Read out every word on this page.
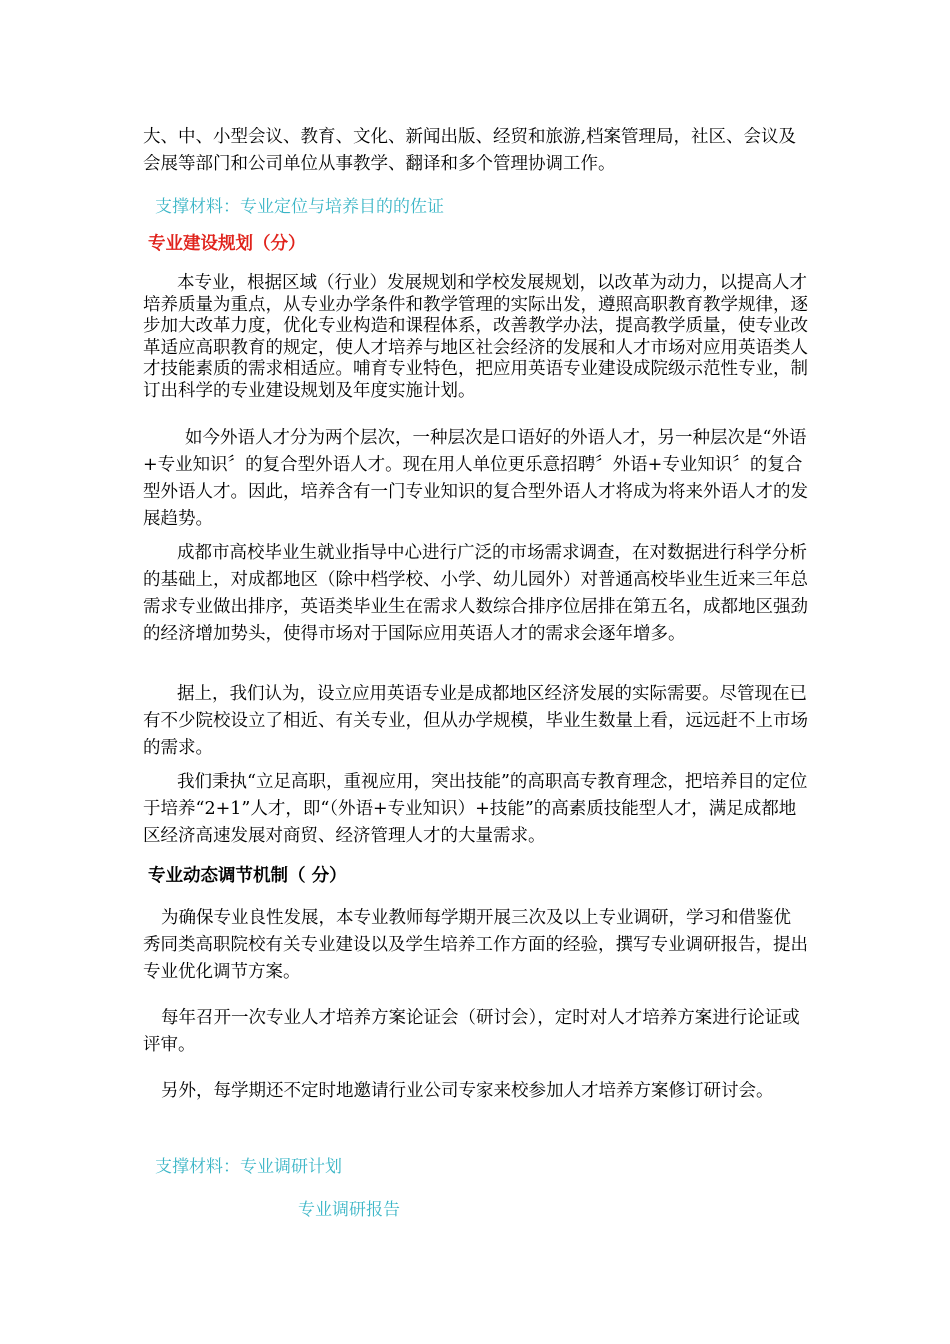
大、中、小型会议、教育、文化、新闻出版、经贸和旅游,档案管理局，社区、会议及会展等部门和公司单位从事教学、翻译和多个管理协调工作。

支撑材料：专业定位与培养目的的佐证

专业建设规划（分）

本专业，根据区域（行业）发展规划和学校发展规划，以改革为动力，以提高人才培养质量为重点，从专业办学条件和教学管理的实际出发，遵照高职教育教学规律，逐步加大改革力度，优化专业构造和课程体系，改善教学办法，提高教学质量，使专业改革适应高职教育的规定，使人才培养与地区社会经济的发展和人才市场对应用英语类人才技能素质的需求相适应。哺育专业特色，把应用英语专业建设成院级示范性专业，制订出科学的专业建设规划及年度实施计划。

如今外语人才分为两个层次，一种层次是口语好的外语人才，另一种层次是“外语+专业知识〞的复合型外语人才。现在用人单位更乐意招聘〞外语+专业知识〞的复合型外语人才。因此，培养含有一门专业知识的复合型外语人才将成为将来外语人才的发展趋势。

成都市高校毕业生就业指导中心进行广泛的市场需求调查，在对数据进行科学分析的基础上，对成都地区（除中档学校、小学、幼儿园外）对普通高校毕业生近来三年总需求专业做出排序，英语类毕业生在需求人数综合排序位居排在第五名，成都地区强劲的经济增加势头，使得市场对于国际应用英语人才的需求会逐年增多。

据上，我们认为，设立应用英语专业是成都地区经济发展的实际需要。尽管现在已有不少院校设立了相近、有关专业，但从办学规模，毕业生数量上看，远远赶不上市场的需求。

我们秉执“立足高职，重视应用，突出技能”的高职高专教育理念，把培养目的定位于培养“2+1”人才，即“（外语+专业知识）+技能”的高素质技能型人才，满足成都地区经济高速发展对商贸、经济管理人才的大量需求。

专业动态调节机制（ 分）

为确保专业良性发展，本专业教师每学期开展三次及以上专业调研，学习和借鉴优秀同类高职院校有关专业建设以及学生培养工作方面的经验，撰写专业调研报告，提出专业优化调节方案。

每年召开一次专业人才培养方案论证会（研讨会），定时对人才培养方案进行论证或评审。

另外，每学期还不定时地邀请行业公司专家来校参加人才培养方案修订研讨会。

支撑材料：专业调研计划

专业调研报告
